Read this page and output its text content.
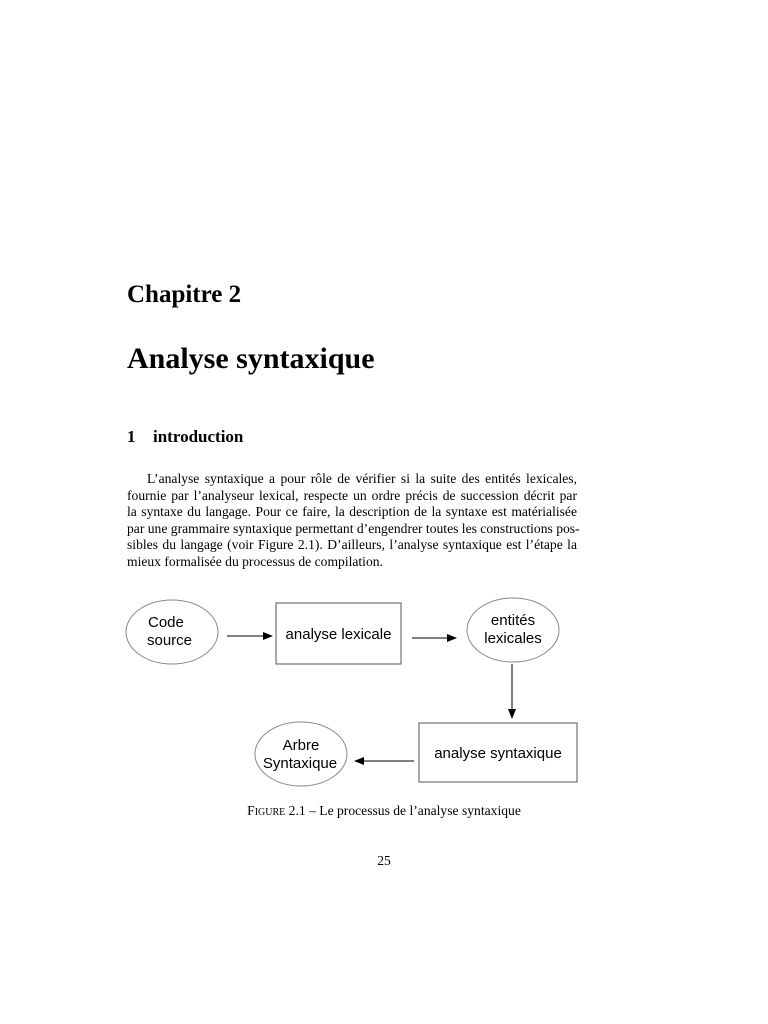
Chapitre 2
Analyse syntaxique
1 introduction
L’analyse syntaxique a pour rôle de vérifier si la suite des entités lexicales,
fournie par l’analyseur lexical, respecte un ordre précis de succession décrit par
la syntaxe du langage. Pour ce faire, la description de la syntaxe est matérialisée
par une grammaire syntaxique permettant d’engendrer toutes les constructions pos-
sibles du langage (voir Figure 2.1). D’ailleurs, l’analyse syntaxique est l’étape la
mieux formalisée du processus de compilation.
Code
source	analyse lexicale
entités
lexicales
analyse syntaxique
Arbre
Syntaxique
Figure 2.1 – Le processus de l’analyse syntaxique
25
